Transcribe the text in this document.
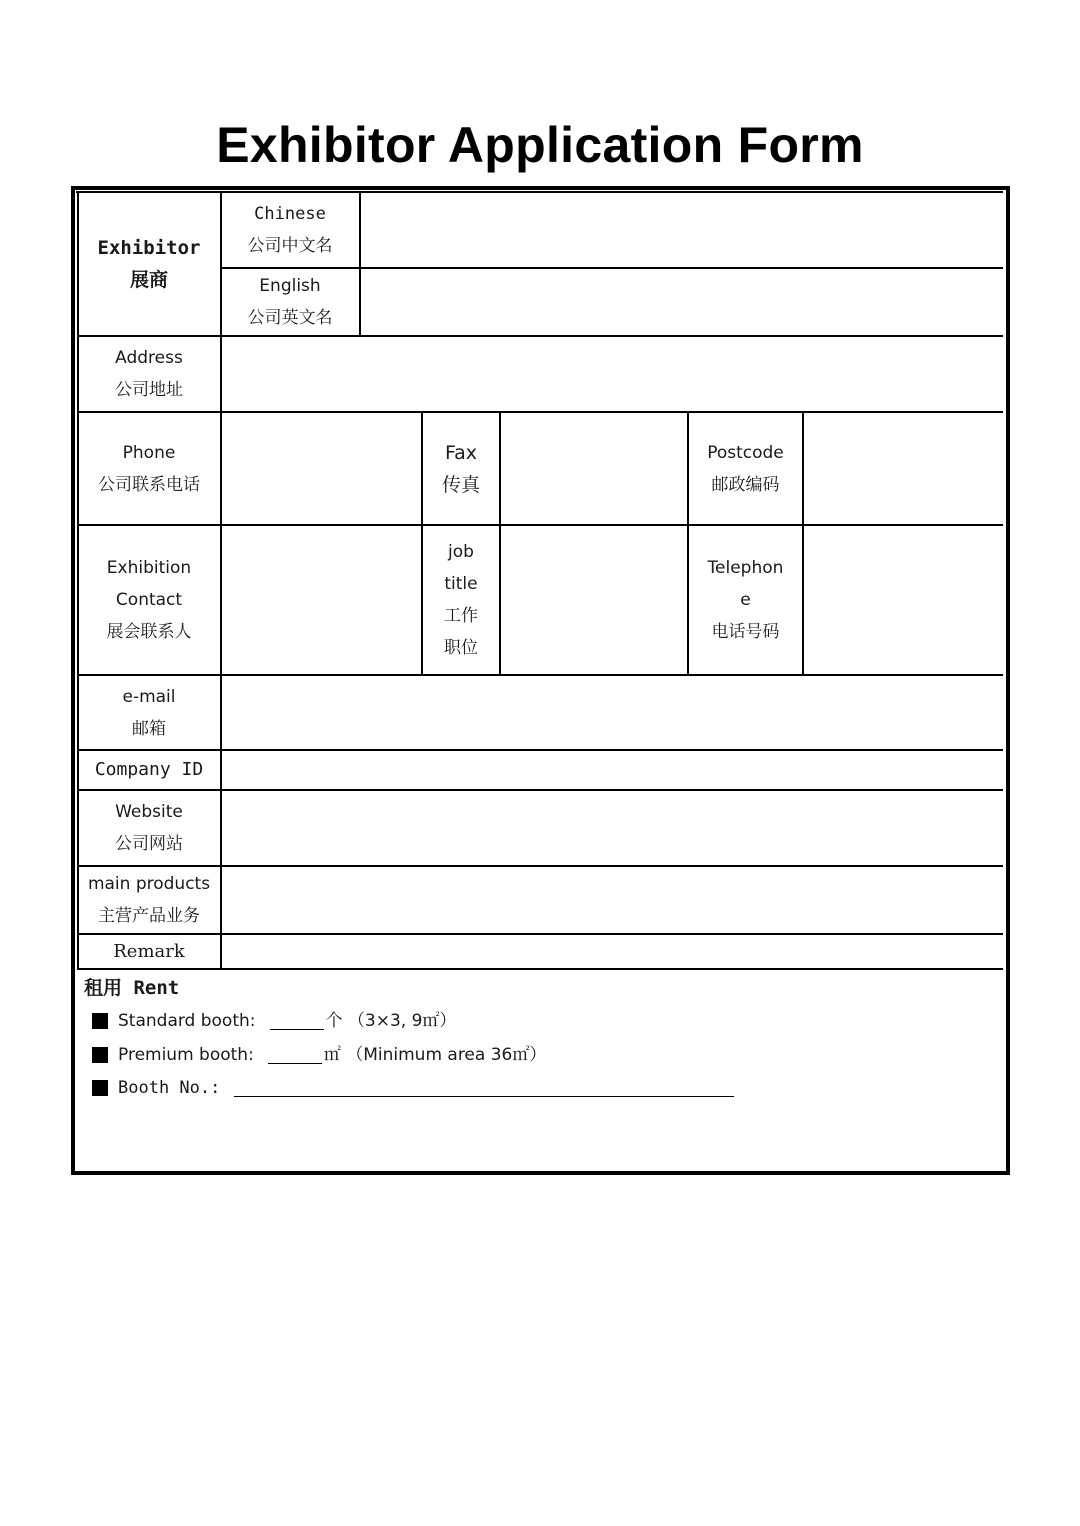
Exhibitor Application Form
Exhibitor
展商
Chinese
公司中文名
English
公司英文名
Address
公司地址
Phone
公司联系电话
Fax
传真
Postcode
邮政编码
Exhibition
Contact
展会联系人
job
title
工作
职位
Telephon
e
电话号码
e-mail
邮箱
Company ID
Website
公司网站
main products
主营产品业务
Remark
租用 Rent
Standard booth:	个 （3×3, 9㎡）
Premium booth:	㎡ （Minimum area 36㎡）
Booth No.:
